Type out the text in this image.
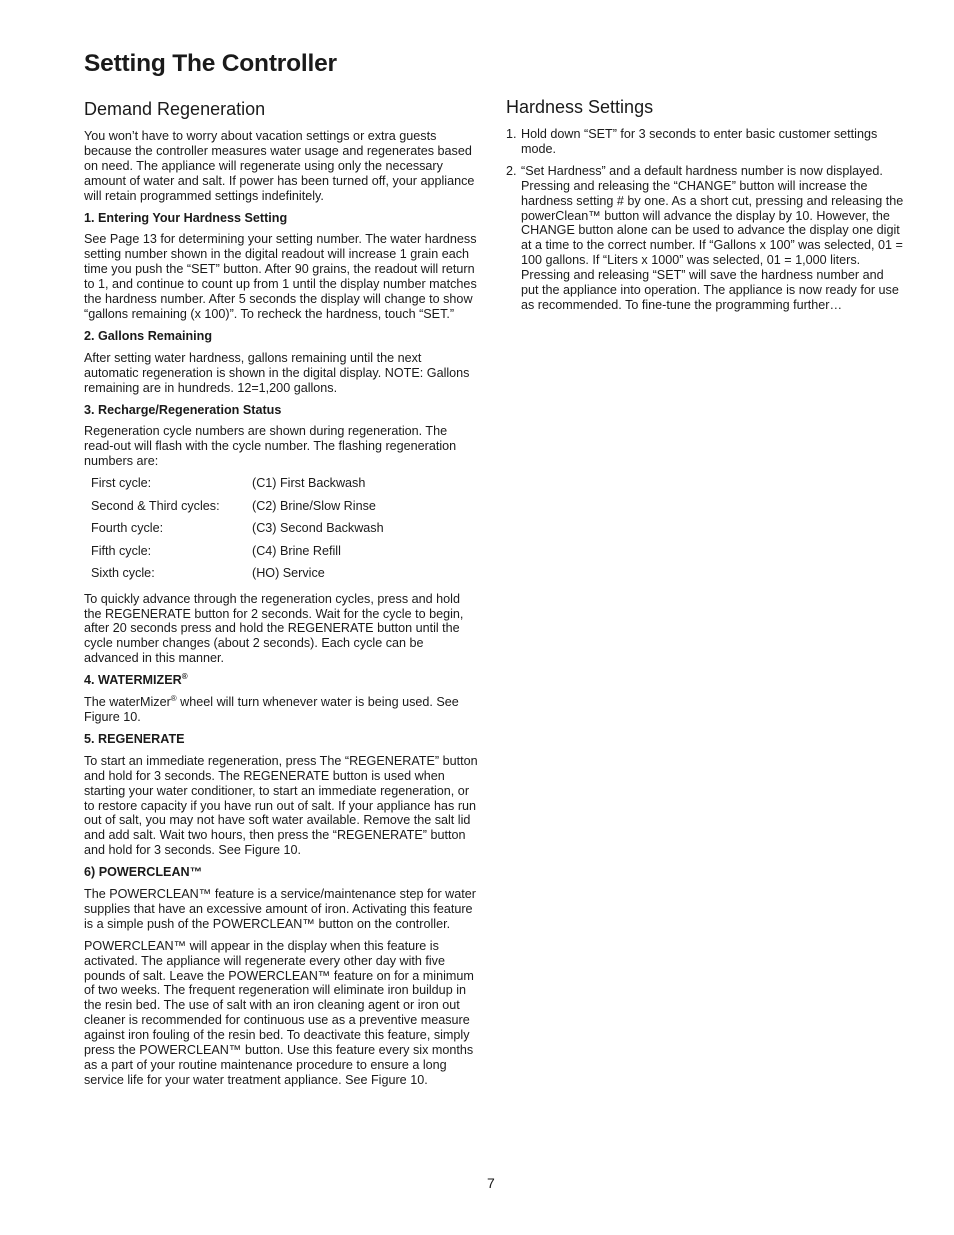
Setting The Controller
Demand Regeneration

You won’t have to worry about vacation settings or extra guests because the controller measures water usage and regenerates based on need. The appliance will regenerate using only the necessary amount of water and salt. If power has been turned off, your appliance will retain programmed settings indefinitely.

1. Entering Your Hardness Setting

See Page 13 for determining your setting number. The water hardness setting number shown in the digital readout will increase 1 grain each time you push the “SET” button. After 90 grains, the readout will return to 1, and continue to count up from 1 until the display number matches the hardness number. After 5 seconds the display will change to show “gallons remaining (x 100)”. To recheck the hardness, touch “SET.”

2. Gallons Remaining

After setting water hardness, gallons remaining until the next automatic regeneration is shown in the digital display. NOTE: Gallons remaining are in hundreds. 12=1,200 gallons.

3. Recharge/Regeneration Status

Regeneration cycle numbers are shown during regeneration. The read-out will flash with the cycle number. The flashing regeneration numbers are:

First cycle:	(C1) First Backwash
Second & Third cycles:	(C2) Brine/Slow Rinse
Fourth cycle:	(C3) Second Backwash
Fifth cycle:	(C4) Brine Refill
Sixth cycle:	(HO) Service

To quickly advance through the regeneration cycles, press and hold the REGENERATE button for 2 seconds. Wait for the cycle to begin, after 20 seconds press and hold the REGENERATE button until the cycle number changes (about 2 seconds). Each cycle can be advanced in this manner.

4. WATERMIZER®

The waterMizer® wheel will turn whenever water is being used. See Figure 10.

5. REGENERATE

To start an immediate regeneration, press The “REGENERATE” button and hold for 3 seconds. The REGENERATE button is used when starting your water conditioner, to start an immediate regeneration, or to restore capacity if you have run out of salt. If your appliance has run out of salt, you may not have soft water available. Remove the salt lid and add salt. Wait two hours, then press the “REGENERATE” button and hold for 3 seconds. See Figure 10.

6) POWERCLEAN™

The POWERCLEAN™ feature is a service/maintenance step for water supplies that have an excessive amount of iron. Activating this feature is a simple push of the POWERCLEAN™ button on the controller.

POWERCLEAN™ will appear in the display when this feature is activated. The appliance will regenerate every other day with five pounds of salt. Leave the POWERCLEAN™ feature on for a minimum of two weeks. The frequent regeneration will eliminate iron buildup in the resin bed. The use of salt with an iron cleaning agent or iron out cleaner is recommended for continuous use as a preventive measure against iron fouling of the resin bed. To deactivate this feature, simply press the POWERCLEAN™ button. Use this feature every six months as a part of your routine maintenance procedure to ensure a long service life for your water treatment appliance. See Figure 10.

Hardness Settings
1. Hold down “SET” for 3 seconds to enter basic customer settings mode.
2. “Set Hardness” and a default hardness number is now displayed. Pressing and releasing the “CHANGE” button will increase the hardness setting # by one. As a short cut, pressing and releasing the powerClean™ button will advance the display by 10. However, the CHANGE button alone can be used to advance the display one digit at a time to the correct number. If “Gallons x 100” was selected, 01 = 100 gallons. If “Liters x 1000” was selected, 01 = 1,000 liters. Pressing and releasing “SET” will save the hardness number and put the appliance into operation. The appliance is now ready for use as recommended. To fine-tune the programming further…
7
